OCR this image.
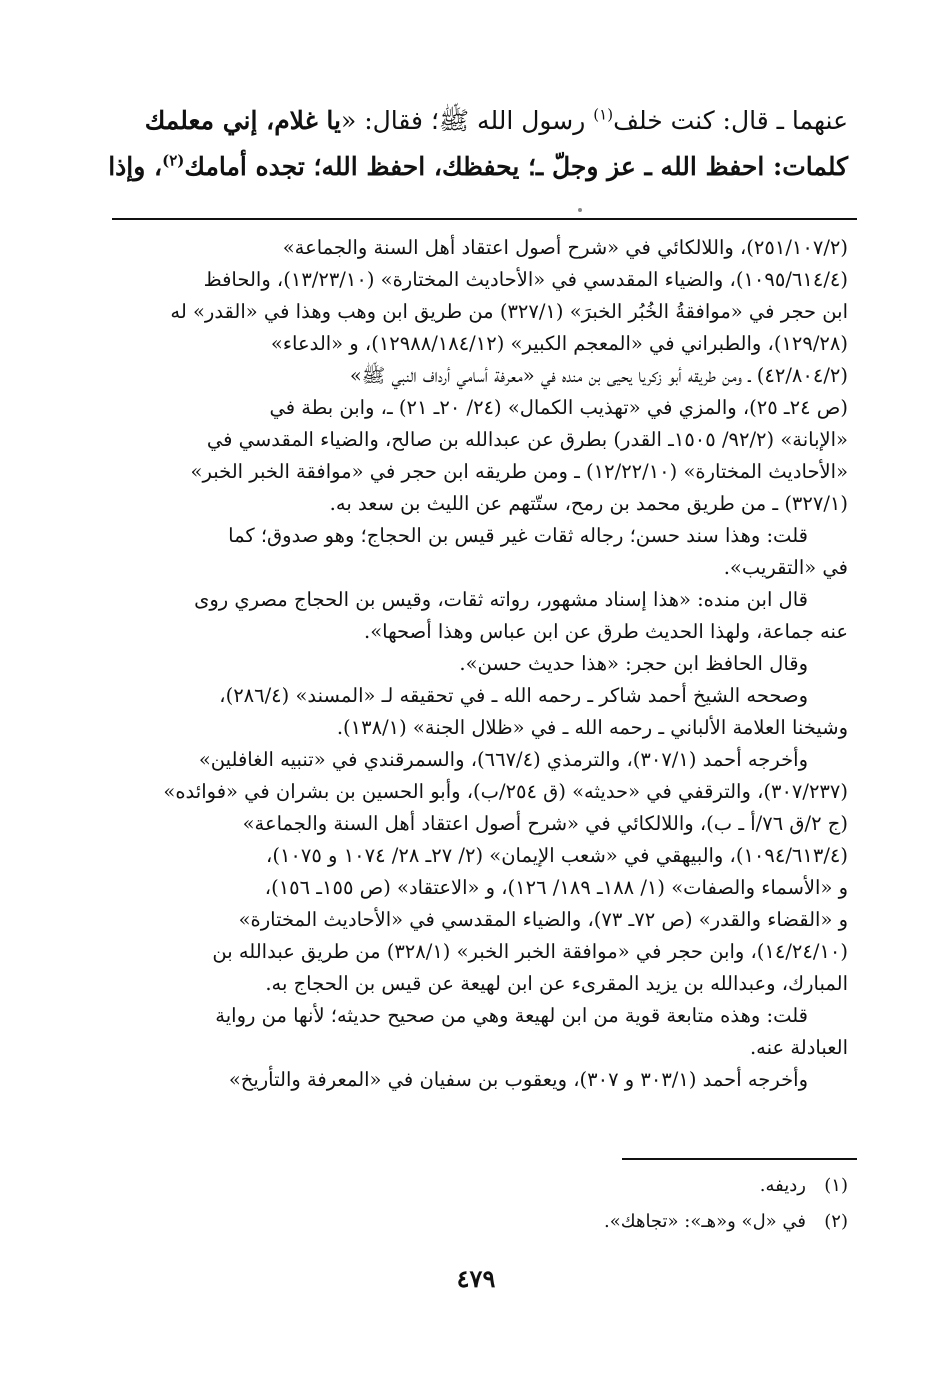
عنهما ـ قال: كنت خلف$^{(١)}$ رسول الله ﷺ؛ فقال: «يا غلام، إني معلمك
كلمات: احفظ الله ـ عز وجلّ ـ؛ يحفظك، احفظ الله؛ تجده أمامك$^{(٢)}$، وإذا
(٢٥١/١٠٧/٢)، واللالكائي في «شرح أصول اعتقاد أهل السنة والجماعة»
(١٠٩٥/٦١٤/٤)، والضياء المقدسي في «الأحاديث المختارة» (١٣/٢٣/١٠)، والحافظ
ابن حجر في «موافقةُ الخُبُر الخبرَ» (٣٢٧/١) من طريق ابن وهب وهذا في «القدر» له
(١٢٩/٢٨)، والطبراني في «المعجم الكبير» (١٢٩٨٨/١٨٤/١٢)، و «الدعاء»
(٤٢/٨٠٤/٢) ـ ومن طريقه أبو زكريا يحيى بن منده في «معرفة أسامي أرداف النبي ﷺ»
(ص ٢٤ـ ٢٥)، والمزي في «تهذيب الكمال» (٢٤/ ٢٠ـ ٢١) ـ، وابن بطة في
«الإبانة» (٩٢/٢/ ١٥٠٥ـ القدر) بطرق عن عبدالله بن صالح، والضياء المقدسي في
«الأحاديث المختارة» (١٢/٢٢/١٠) ـ ومن طريقه ابن حجر في «موافقة الخبر الخبر»
(٣٢٧/١) ـ من طريق محمد بن رمح، ستّتهم عن الليث بن سعد به.
قلت: وهذا سند حسن؛ رجاله ثقات غير قيس بن الحجاج؛ وهو صدوق؛ كما
في «التقريب».
قال ابن منده: «هذا إسناد مشهور، رواته ثقات، وقيس بن الحجاج مصري روى
عنه جماعة، ولهذا الحديث طرق عن ابن عباس وهذا أصحها».
وقال الحافظ ابن حجر: «هذا حديث حسن».
وصححه الشيخ أحمد شاكر ـ رحمه الله ـ في تحقيقه لـ «المسند» (٢٨٦/٤)،
وشيخنا العلامة الألباني ـ رحمه الله ـ في «ظلال الجنة» (١٣٨/١).
وأخرجه أحمد (٣٠٧/١)، والترمذي (٦٦٧/٤)، والسمرقندي في «تنبيه الغافلين»
(٣٠٧/٢٣٧)، والترقفي في «حديثه» (ق ٢٥٤/ب)، وأبو الحسين بن بشران في «فوائده»
(ج ٢/ق ٧٦/أ ـ ب)، واللالكائي في «شرح أصول اعتقاد أهل السنة والجماعة»
(١٠٩٤/٦١٣/٤)، والبيهقي في «شعب الإيمان» (٢/ ٢٧ـ ٢٨/ ١٠٧٤ و ١٠٧٥)،
و «الأسماء والصفات» (١/ ١٨٨ـ ١٨٩/ ١٢٦)، و «الاعتقاد» (ص ١٥٥ـ ١٥٦)،
و «القضاء والقدر» (ص ٧٢ـ ٧٣)، والضياء المقدسي في «الأحاديث المختارة»
(١٤/٢٤/١٠)، وابن حجر في «موافقة الخبر الخبر» (٣٢٨/١) من طريق عبدالله بن
المبارك، وعبدالله بن يزيد المقرىء عن ابن لهيعة عن قيس بن الحجاج به.
قلت: وهذه متابعة قوية من ابن لهيعة وهي من صحيح حديثه؛ لأنها من رواية
العبادلة عنه.
وأخرجه أحمد (٣٠٣/١ و ٣٠٧)، ويعقوب بن سفيان في «المعرفة والتأريخ»
(١)رديفه.
(٢)في «ل» و«هـ»: «تجاهك».
٤٧٩
